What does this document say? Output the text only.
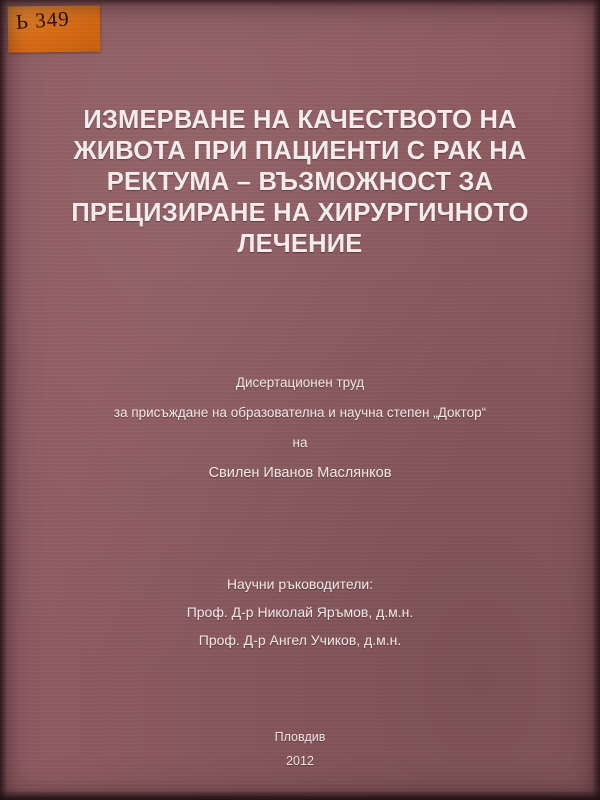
Ь 349
ИЗМЕРВАНЕ НА КАЧЕСТВОТО НА
ЖИВОТА ПРИ ПАЦИЕНТИ С РАК НА
РЕКТУМА – ВЪЗМОЖНОСТ ЗА
ПРЕЦИЗИРАНЕ НА ХИРУРГИЧНОТО
ЛЕЧЕНИЕ
Дисертационен труд
за присъждане на образователна и научна степен „Доктор“
на
Свилен Иванов Маслянков
Научни ръководители:
Проф. Д-р Николай Яръмов, д.м.н.
Проф. Д-р Ангел Учиков, д.м.н.
Пловдив
2012
